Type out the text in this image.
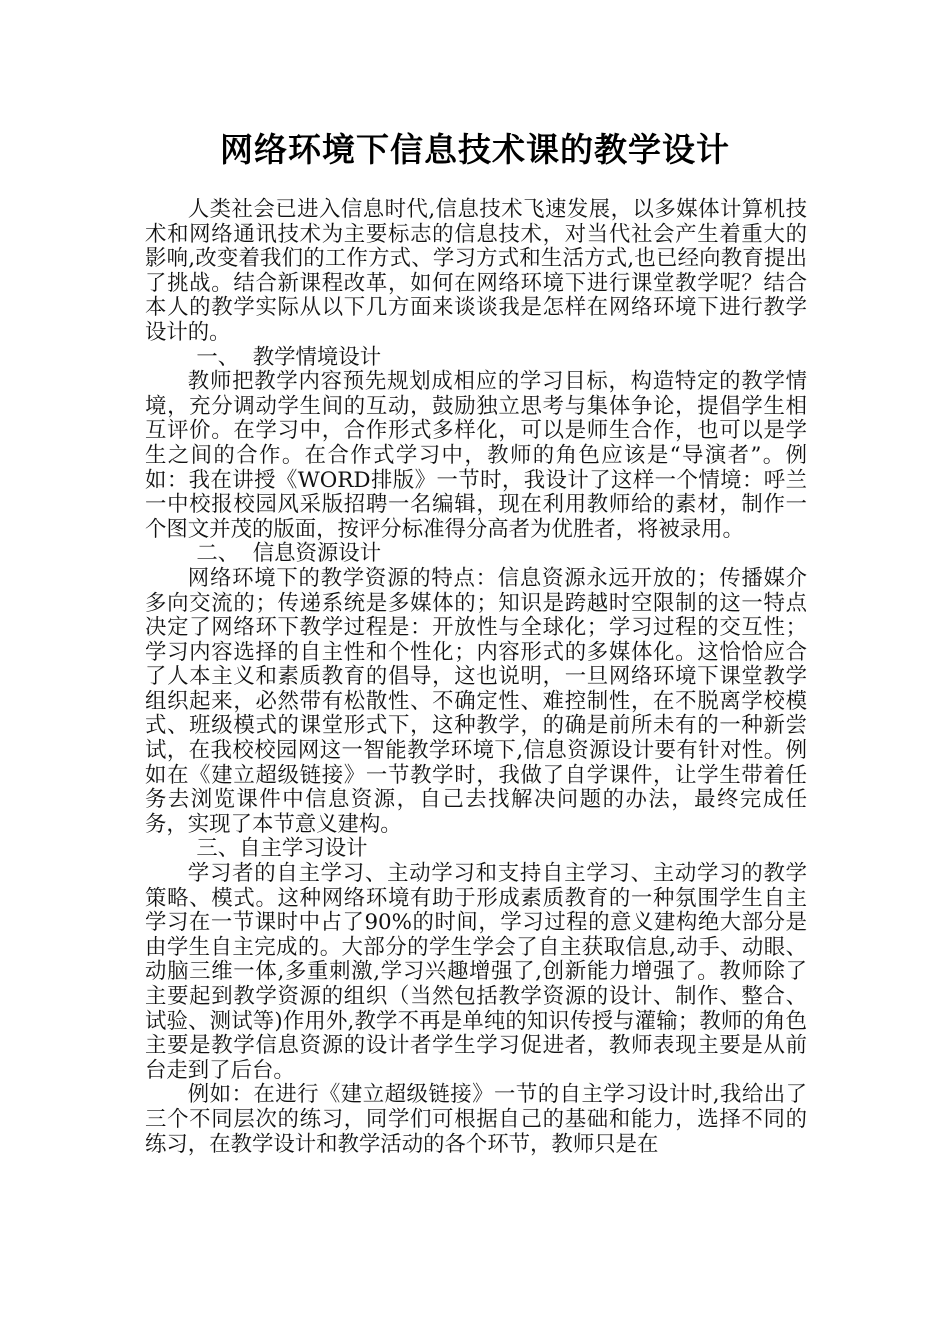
网络环境下信息技术课的教学设计

人类社会已进入信息时代,信息技术飞速发展，以多媒体计算机技术和网络通讯技术为主要标志的信息技术，对当代社会产生着重大的影响,改变着我们的工作方式、学习方式和生活方式,也已经向教育提出了挑战。结合新课程改革，如何在网络环境下进行课堂教学呢？结合本人的教学实际从以下几方面来谈谈我是怎样在网络环境下进行教学设计的。

一、  教学情境设计

教师把教学内容预先规划成相应的学习目标，构造特定的教学情境，充分调动学生间的互动，鼓励独立思考与集体争论，提倡学生相互评价。在学习中，合作形式多样化，可以是师生合作，也可以是学生之间的合作。在合作式学习中，教师的角色应该是“导演者”。例如：我在讲授《WORD排版》一节时，我设计了这样一个情境：呼兰一中校报校园风采版招聘一名编辑，现在利用教师给的素材，制作一个图文并茂的版面，按评分标准得分高者为优胜者，将被录用。

二、  信息资源设计

网络环境下的教学资源的特点：信息资源永远开放的；传播媒介多向交流的；传递系统是多媒体的；知识是跨越时空限制的这一特点决定了网络环下教学过程是：开放性与全球化；学习过程的交互性；学习内容选择的自主性和个性化；内容形式的多媒体化。这恰恰应合了人本主义和素质教育的倡导，这也说明，一旦网络环境下课堂教学组织起来，必然带有松散性、不确定性、难控制性，在不脱离学校模式、班级模式的课堂形式下，这种教学，的确是前所未有的一种新尝试，在我校校园网这一智能教学环境下,信息资源设计要有针对性。例如在《建立超级链接》一节教学时，我做了自学课件，让学生带着任务去浏览课件中信息资源，自己去找解决问题的办法，最终完成任务，实现了本节意义建构。

三、自主学习设计

学习者的自主学习、主动学习和支持自主学习、主动学习的教学策略、模式。这种网络环境有助于形成素质教育的一种氛围学生自主学习在一节课时中占了90%的时间，学习过程的意义建构绝大部分是由学生自主完成的。大部分的学生学会了自主获取信息,动手、动眼、动脑三维一体,多重刺激,学习兴趣增强了,创新能力增强了。教师除了主要起到教学资源的组织（当然包括教学资源的设计、制作、整合、试验、测试等)作用外,教学不再是单纯的知识传授与灌输；教师的角色主要是教学信息资源的设计者学生学习促进者，教师表现主要是从前台走到了后台。

例如：在进行《建立超级链接》一节的自主学习设计时,我给出了三个不同层次的练习，同学们可根据自己的基础和能力，选择不同的练习，在教学设计和教学活动的各个环节，教师只是在
